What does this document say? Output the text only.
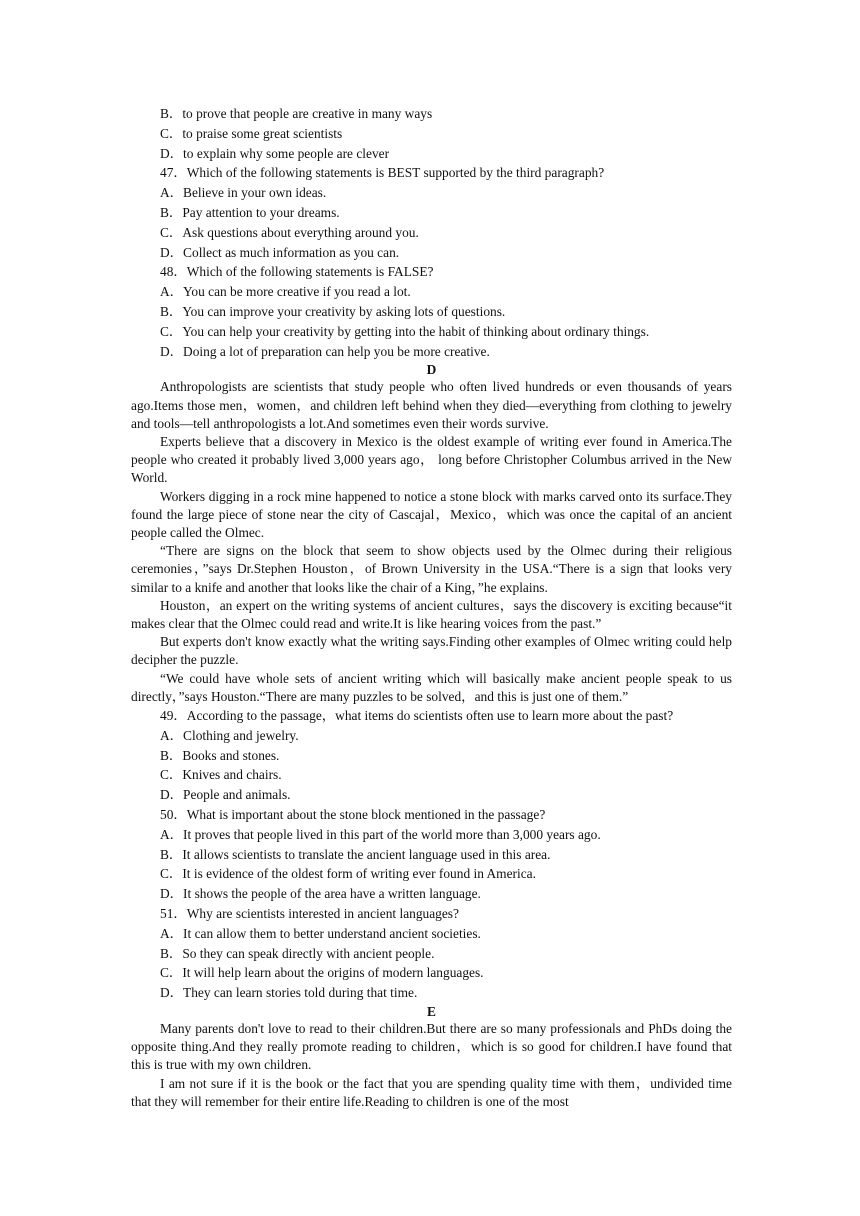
B．to prove that people are creative in many ways
C．to praise some great scientists
D．to explain why some people are clever
47．Which of the following statements is BEST supported by the third paragraph?
A．Believe in your own ideas.
B．Pay attention to your dreams.
C．Ask questions about everything around you.
D．Collect as much information as you can.
48．Which of the following statements is FALSE?
A．You can be more creative if you read a lot.
B．You can improve your creativity by asking lots of questions.
C．You can help your creativity by getting into the habit of thinking about ordinary things.
D．Doing a lot of preparation can help you be more creative.
D
Anthropologists are scientists that study people who often lived hundreds or even thousands of years ago.Items those men，women，and children left behind when they died—everything from clothing to jewelry and tools—tell anthropologists a lot.And sometimes even their words survive.
Experts believe that a discovery in Mexico is the oldest example of writing ever found in America.The people who created it probably lived 3,000 years ago， long before Christopher Columbus arrived in the New World.
Workers digging in a rock mine happened to notice a stone block with marks carved onto its surface.They found the large piece of stone near the city of Cascajal，Mexico，which was once the capital of an ancient people called the Olmec.
“There are signs on the block that seem to show objects used by the Olmec during their religious ceremonies，”says Dr.Stephen Houston，of Brown University in the USA.“There is a sign that looks very similar to a knife and another that looks like the chair of a King，”he explains.
Houston，an expert on the writing systems of ancient cultures，says the discovery is exciting because“it makes clear that the Olmec could read and write.It is like hearing voices from the past.”
But experts don't know exactly what the writing says.Finding other examples of Olmec writing could help decipher the puzzle.
“We could have whole sets of ancient writing which will basically make ancient people speak to us directly，”says Houston.“There are many puzzles to be solved，and this is just one of them.”
49．According to the passage，what items do scientists often use to learn more about the past?
A．Clothing and jewelry.
B．Books and stones.
C．Knives and chairs.
D．People and animals.
50．What is important about the stone block mentioned in the passage?
A．It proves that people lived in this part of the world more than 3,000 years ago.
B．It allows scientists to translate the ancient language used in this area.
C．It is evidence of the oldest form of writing ever found in America.
D．It shows the people of the area have a written language.
51．Why are scientists interested in ancient languages?
A．It can allow them to better understand ancient societies.
B．So they can speak directly with ancient people.
C．It will help learn about the origins of modern languages.
D．They can learn stories told during that time.
E
Many parents don't love to read to their children.But there are so many professionals and PhDs doing the opposite thing.And they really promote reading to children，which is so good for children.I have found that this is true with my own children.
I am not sure if it is the book or the fact that you are spending quality time with them，undivided time that they will remember for their entire life.Reading to children is one of the most
